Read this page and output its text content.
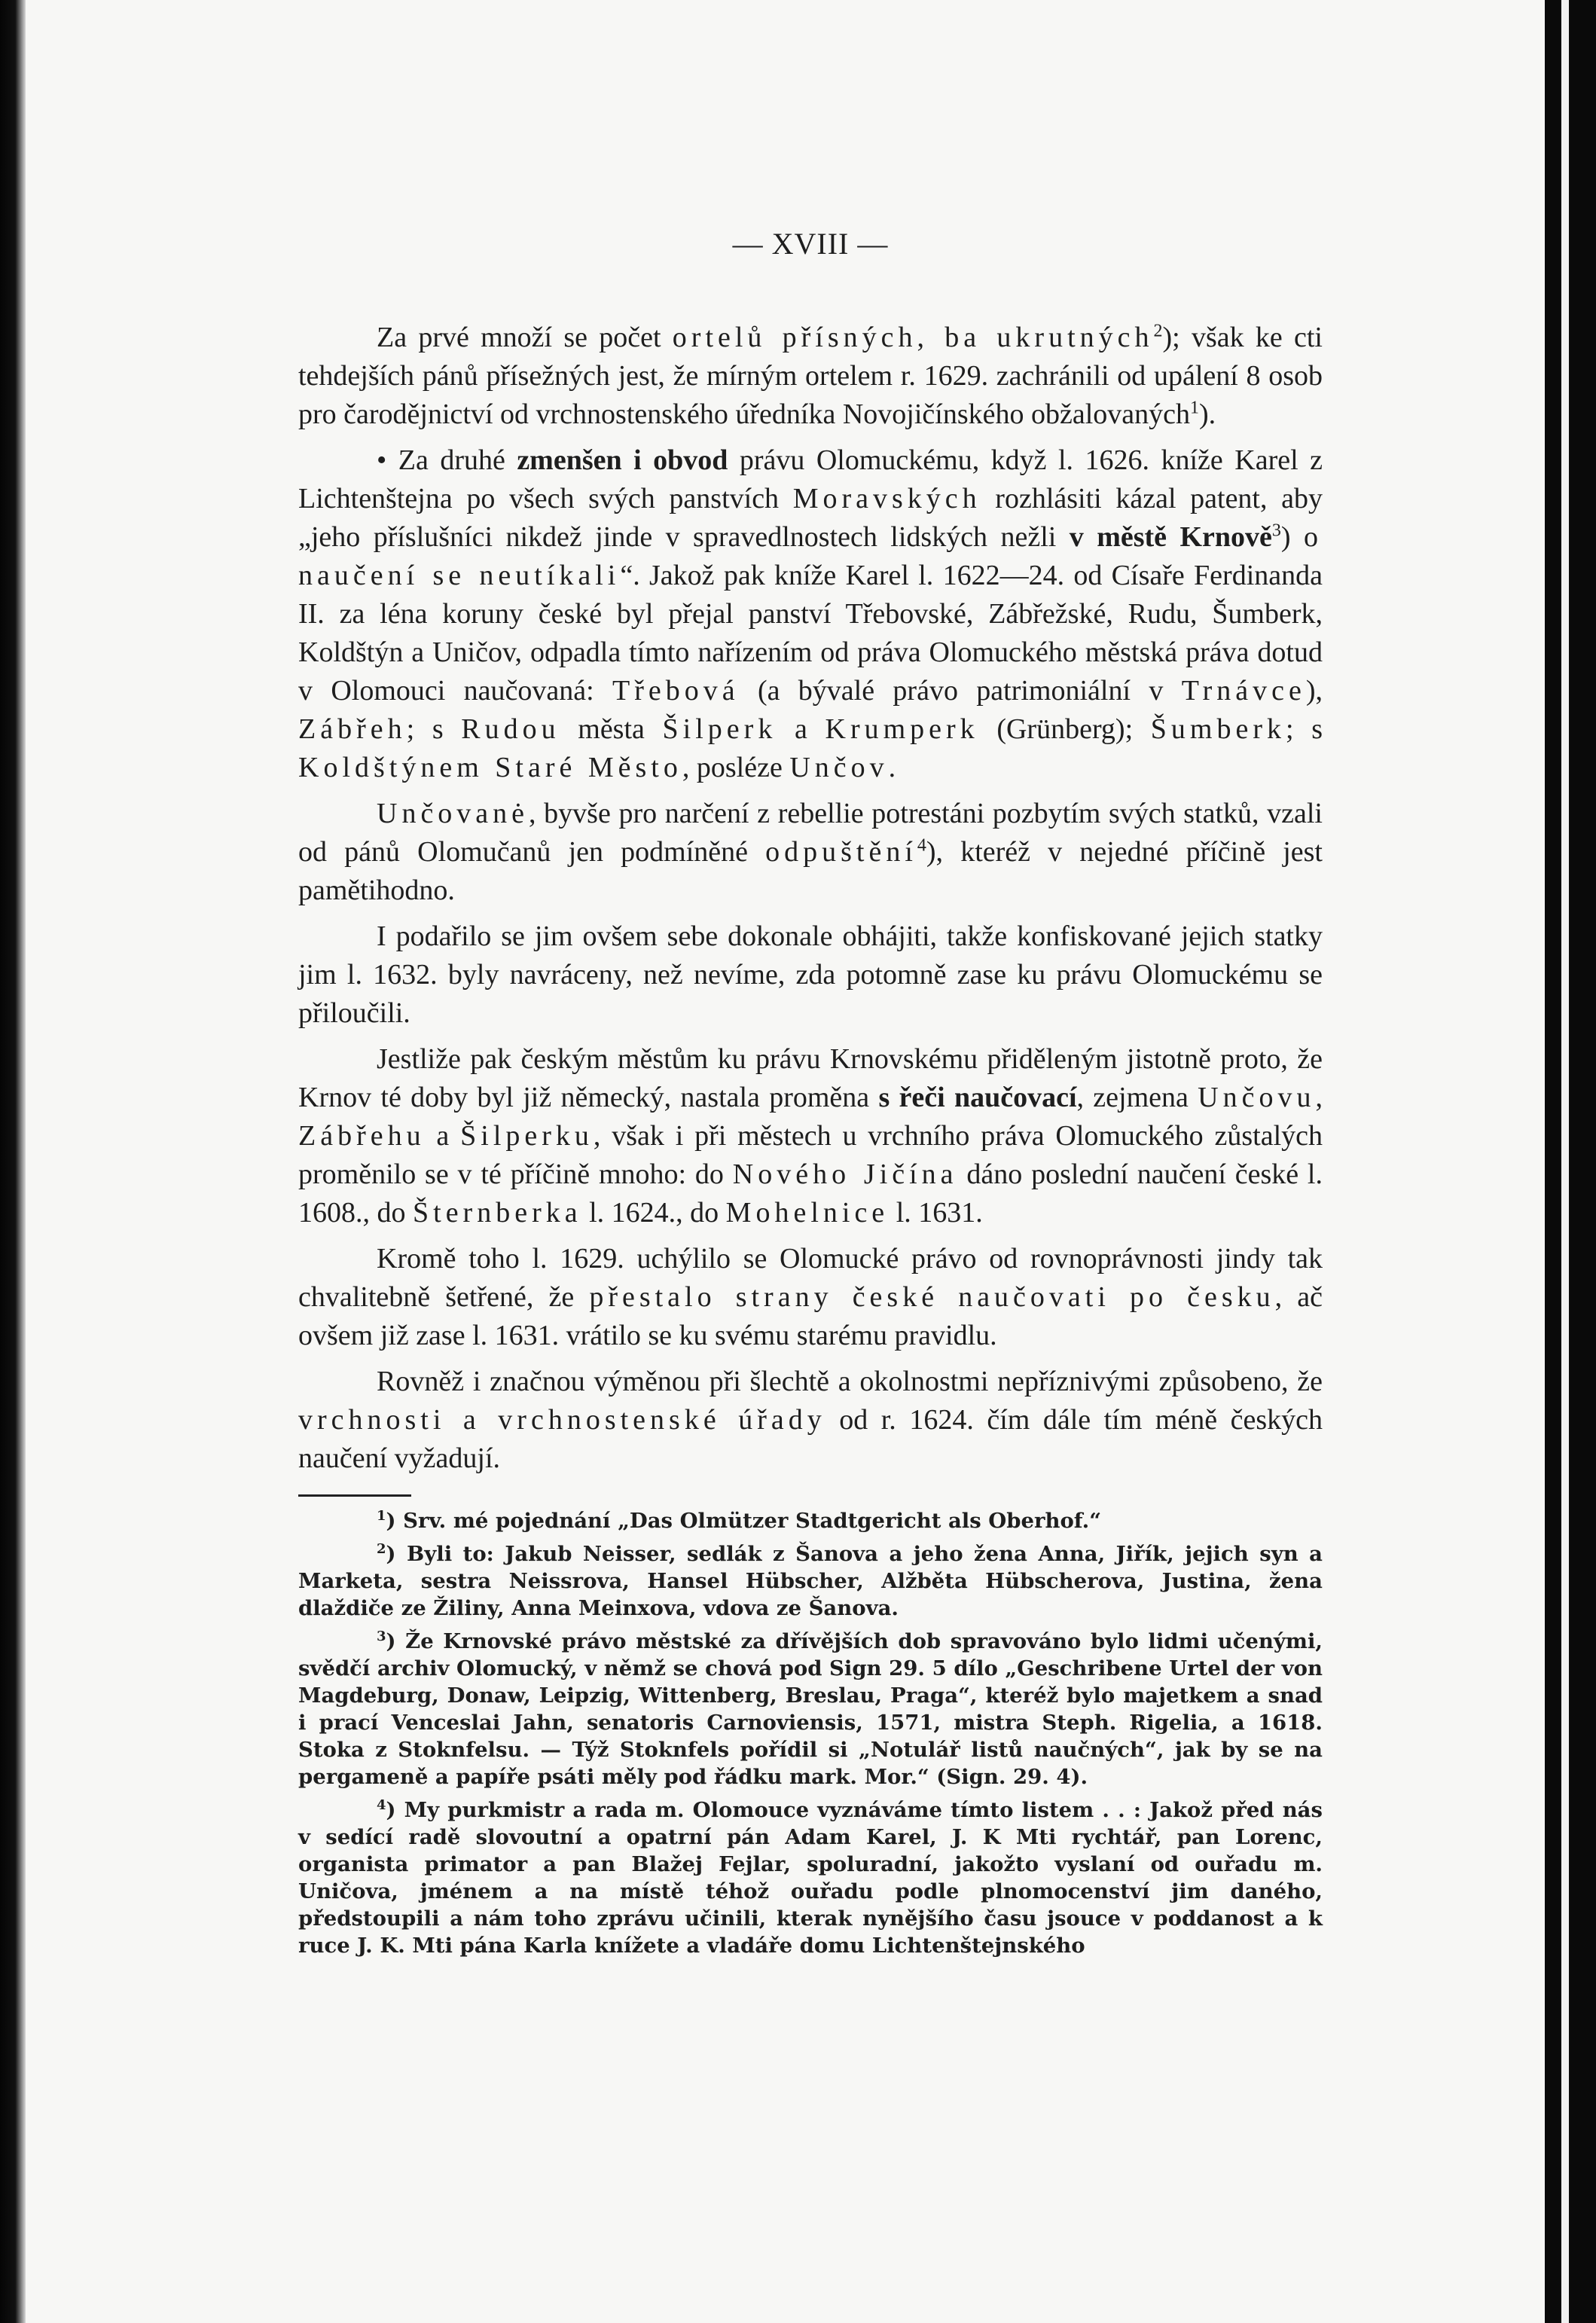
— XVIII —

Za prvé množí se počet ortelů přísných, ba ukrutných$^2$); však ke cti tehdejších pánů přísežných jest, že mírným ortelem r. 1629. zachránili od upálení 8 osob pro čarodějnictví od vrchnostenského úředníka Novojičínského obžalovaných$^1$).

• Za druhé zmenšen i obvod právu Olomuckému, když l. 1626. kníže Karel z Lichtenštejna po všech svých panstvích Moravských rozhlásiti kázal patent, aby „jeho příslušníci nikdež jinde v spravedlnostech lidských nežli v městě Krnově$^3$) o naučení se neutíkali“. Jakož pak kníže Karel l. 1622—24. od Císaře Ferdinanda II. za léna koruny české byl přejal panství Třebovské, Zábřežské, Rudu, Šumberk, Koldštýn a Uničov, odpadla tímto nařízením od práva Olomuckého městská práva dotud v Olomouci naučovaná: Třebová (a bývalé právo patrimoniální v Trnávce), Zábřeh; s Rudou města Šilperk a Krumperk (Grünberg); Šumberk; s Koldštýnem Staré Město, posléze Unčov.

Unčovanė, byvše pro narčení z rebellie potrestáni pozbytím svých statků, vzali od pánů Olomučanů jen podmíněné odpuštění$^4$), kteréž v nejedné příčině jest pamětihodno.

I podařilo se jim ovšem sebe dokonale obhájiti, takže konfiskované jejich statky jim l. 1632. byly navráceny, než nevíme, zda potomně zase ku právu Olomuckému se přiloučili.

Jestliže pak českým městům ku právu Krnovskému přiděleným jistotně proto, že Krnov té doby byl již německý, nastala proměna s řeči naučovací, zejmena Unčovu, Zábřehu a Šilperku, však i při městech u vrchního práva Olomuckého zůstalých proměnilo se v té příčině mnoho: do Nového Jičína dáno poslední naučení české l. 1608., do Šternberka l. 1624., do Mohelnice l. 1631.

Kromě toho l. 1629. uchýlilo se Olomucké právo od rovnoprávnosti jindy tak chvalitebně šetřené, že přestalo strany české naučovati po česku, ač ovšem již zase l. 1631. vrátilo se ku svému starému pravidlu.

Rovněž i značnou výměnou při šlechtě a okolnostmi nepříznivými způsobeno, že vrchnosti a vrchnostenské úřady od r. 1624. čím dále tím méně českých naučení vyžadují.

$^1$) Srv. mé pojednání „Das Olmützer Stadtgericht als Oberhof.“

$^2$) Byli to: Jakub Neisser, sedlák z Šanova a jeho žena Anna, Jiřík, jejich syn a Marketa, sestra Neissrova, Hansel Hübscher, Alžběta Hübscherova, Justina, žena dlaždiče ze Žiliny, Anna Meinxova, vdova ze Šanova.

$^3$) Že Krnovské právo městské za dřívějších dob spravováno bylo lidmi učenými, svědčí archiv Olomucký, v němž se chová pod Sign 29. 5 dílo „Geschribene Urtel der von Magdeburg, Donaw, Leipzig, Wittenberg, Breslau, Praga“, kteréž bylo majetkem a snad i prací Venceslai Jahn, senatoris Carnoviensis, 1571, mistra Steph. Rigelia, a 1618. Stoka z Stoknfelsu. — Týž Stoknfels pořídil si „Notulář listů naučných“, jak by se na pergameně a papíře psáti měly pod řádku mark. Mor.“ (Sign. 29. 4).

$^4$) My purkmistr a rada m. Olomouce vyznáváme tímto listem . . : Jakož před nás v sedící radě slovoutní a opatrní pán Adam Karel, J. K Mti rychtář, pan Lorenc, organista primator a pan Blažej Fejlar, spoluradní, jakožto vyslaní od ouřadu m. Uničova, jménem a na místě téhož ouřadu podle plnomocenství jim daného, předstoupili a nám toho zprávu učinili, kterak nynějšího času jsouce v poddanost a k ruce J. K. Mti pána Karla knížete a vladáře domu Lichtenštejnského
